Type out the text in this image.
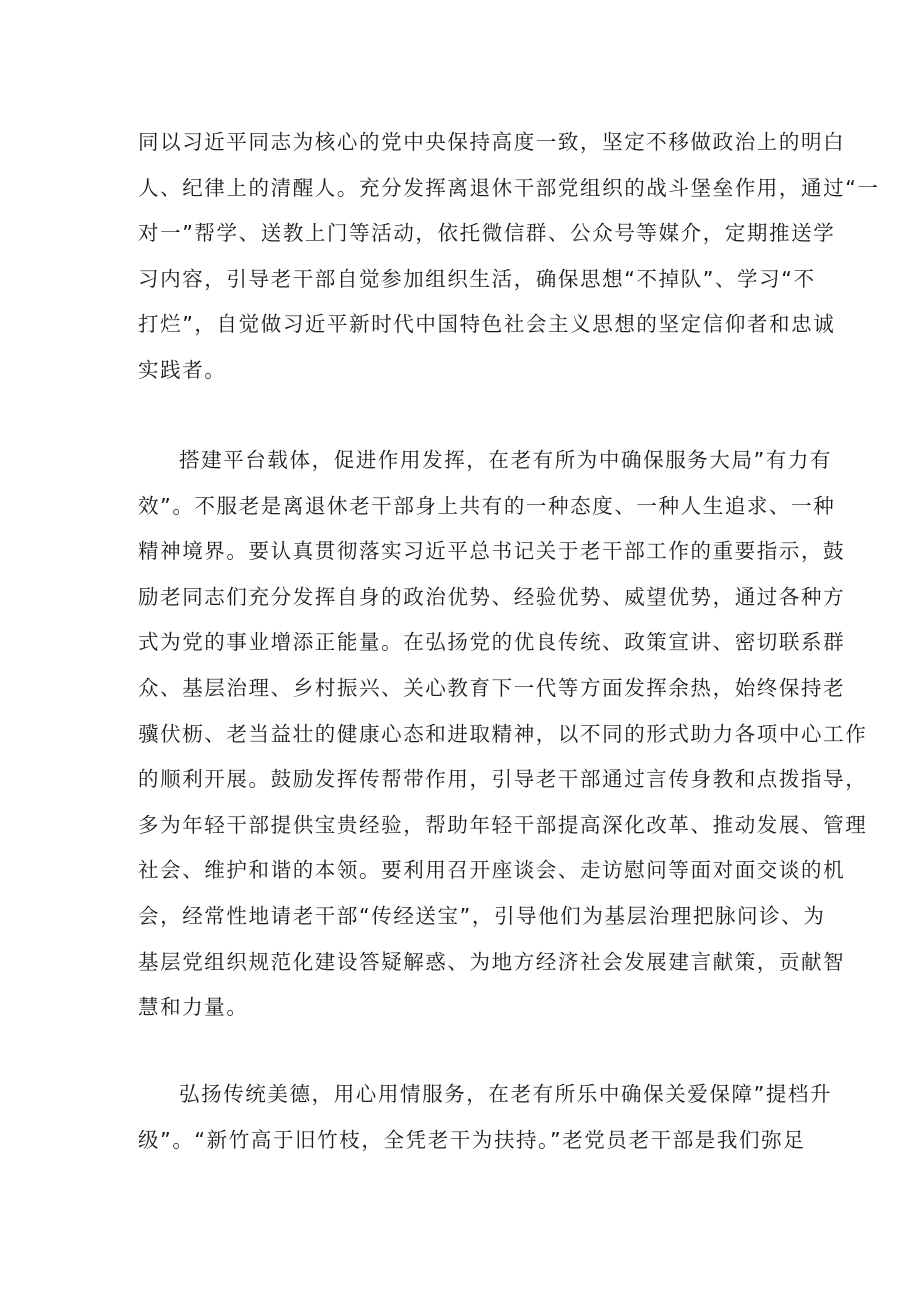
同以习近平同志为核心的党中央保持高度一致，坚定不移做政治上的明白
人、纪律上的清醒人。充分发挥离退休干部党组织的战斗堡垒作用，通过“一
对一”帮学、送教上门等活动，依托微信群、公众号等媒介，定期推送学
习内容，引导老干部自觉参加组织生活，确保思想“不掉队”、学习“不
打烂”，自觉做习近平新时代中国特色社会主义思想的坚定信仰者和忠诚
实践者。
搭建平台载体，促进作用发挥，在老有所为中确保服务大局”有力有
效”。不服老是离退休老干部身上共有的一种态度、一种人生追求、一种
精神境界。要认真贯彻落实习近平总书记关于老干部工作的重要指示，鼓
励老同志们充分发挥自身的政治优势、经验优势、威望优势，通过各种方
式为党的事业增添正能量。在弘扬党的优良传统、政策宣讲、密切联系群
众、基层治理、乡村振兴、关心教育下一代等方面发挥余热，始终保持老
骥伏枥、老当益壮的健康心态和进取精神，以不同的形式助力各项中心工作
的顺利开展。鼓励发挥传帮带作用，引导老干部通过言传身教和点拨指导，
多为年轻干部提供宝贵经验，帮助年轻干部提高深化改革、推动发展、管理
社会、维护和谐的本领。要利用召开座谈会、走访慰问等面对面交谈的机
会，经常性地请老干部“传经送宝”，引导他们为基层治理把脉问诊、为
基层党组织规范化建设答疑解惑、为地方经济社会发展建言献策，贡献智
慧和力量。
弘扬传统美德，用心用情服务，在老有所乐中确保关爱保障”提档升
级”。“新竹高于旧竹枝，全凭老干为扶持。”老党员老干部是我们弥足
